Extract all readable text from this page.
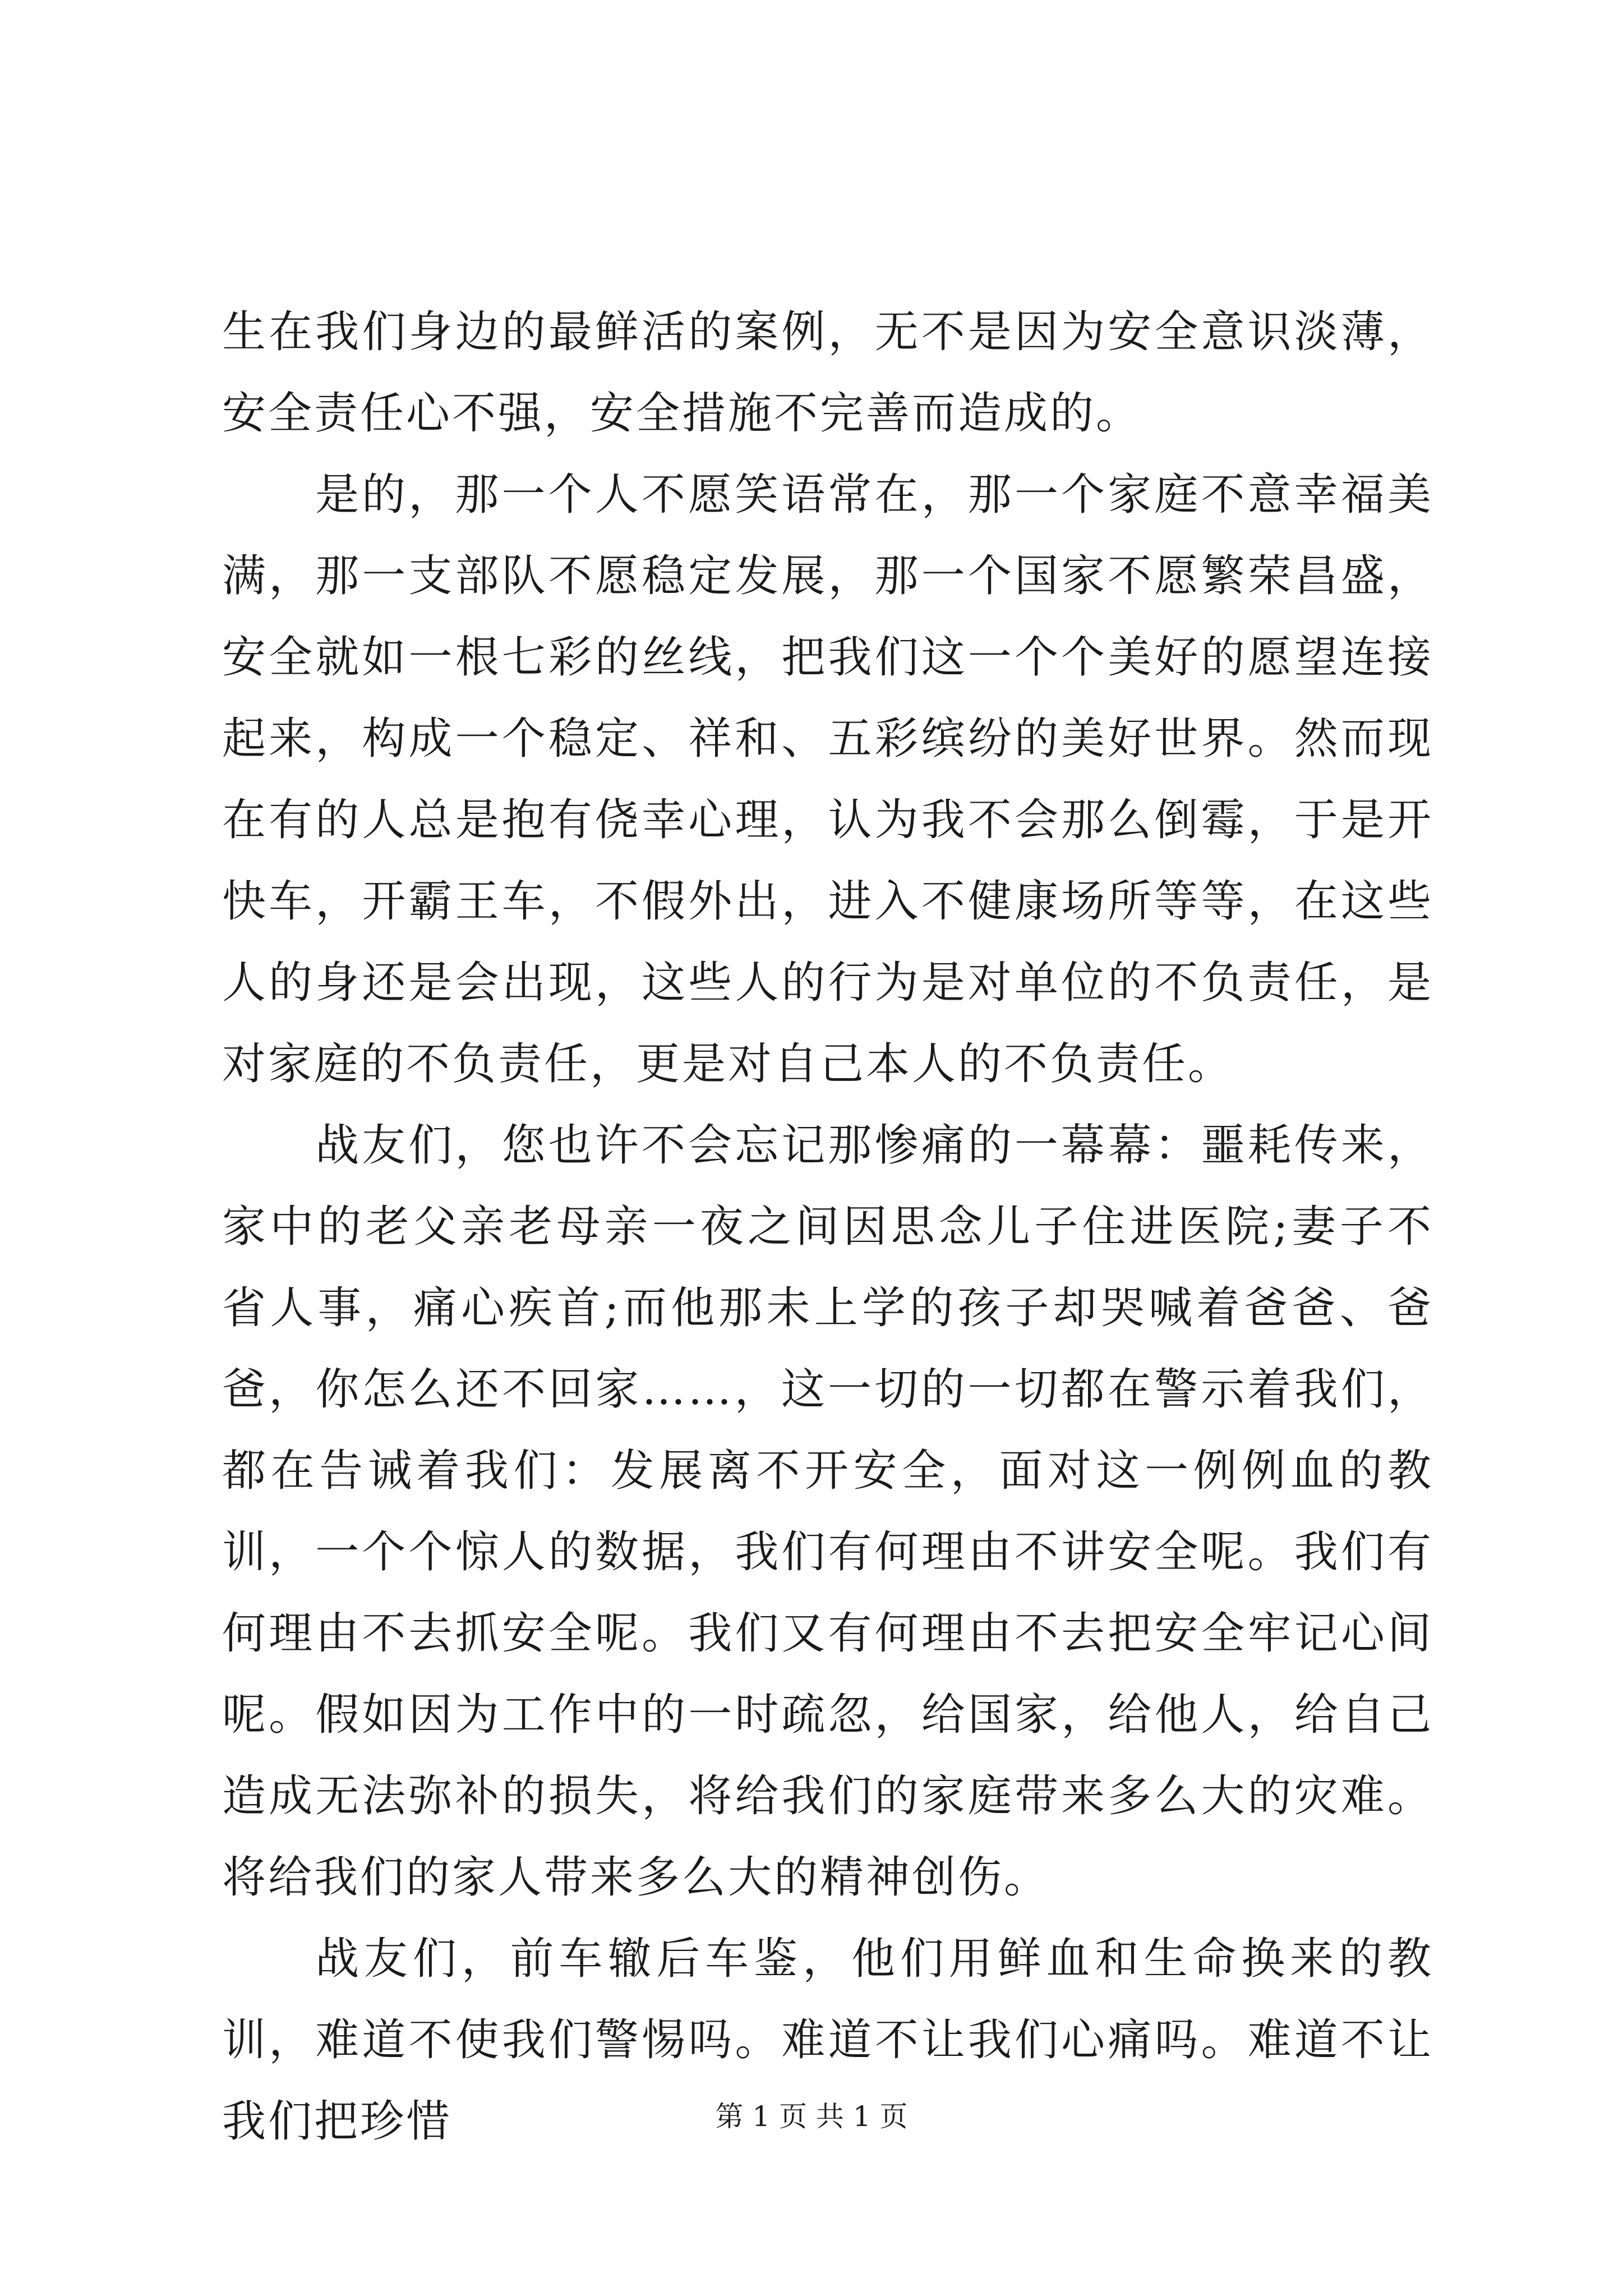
生在我们身边的最鲜活的案例，无不是因为安全意识淡薄，安全责任心不强，安全措施不完善而造成的。

是的，那一个人不愿笑语常在，那一个家庭不意幸福美满，那一支部队不愿稳定发展，那一个国家不愿繁荣昌盛，安全就如一根七彩的丝线，把我们这一个个美好的愿望连接起来，构成一个稳定、祥和、五彩缤纷的美好世界。然而现在有的人总是抱有侥幸心理，认为我不会那么倒霉，于是开快车，开霸王车，不假外出，进入不健康场所等等，在这些人的身还是会出现，这些人的行为是对单位的不负责任，是对家庭的不负责任，更是对自己本人的不负责任。

战友们，您也许不会忘记那惨痛的一幕幕：噩耗传来，家中的老父亲老母亲一夜之间因思念儿子住进医院;妻子不省人事，痛心疾首;而他那未上学的孩子却哭喊着爸爸、爸爸，你怎么还不回家……，这一切的一切都在警示着我们，都在告诫着我们：发展离不开安全，面对这一例例血的教训，一个个惊人的数据，我们有何理由不讲安全呢。我们有何理由不去抓安全呢。我们又有何理由不去把安全牢记心间呢。假如因为工作中的一时疏忽，给国家，给他人，给自己造成无法弥补的损失，将给我们的家庭带来多么大的灾难。将给我们的家人带来多么大的精神创伤。

战友们，前车辙后车鉴，他们用鲜血和生命换来的教训，难道不使我们警惕吗。难道不让我们心痛吗。难道不让我们把珍惜	第 1 页 共 1 页
